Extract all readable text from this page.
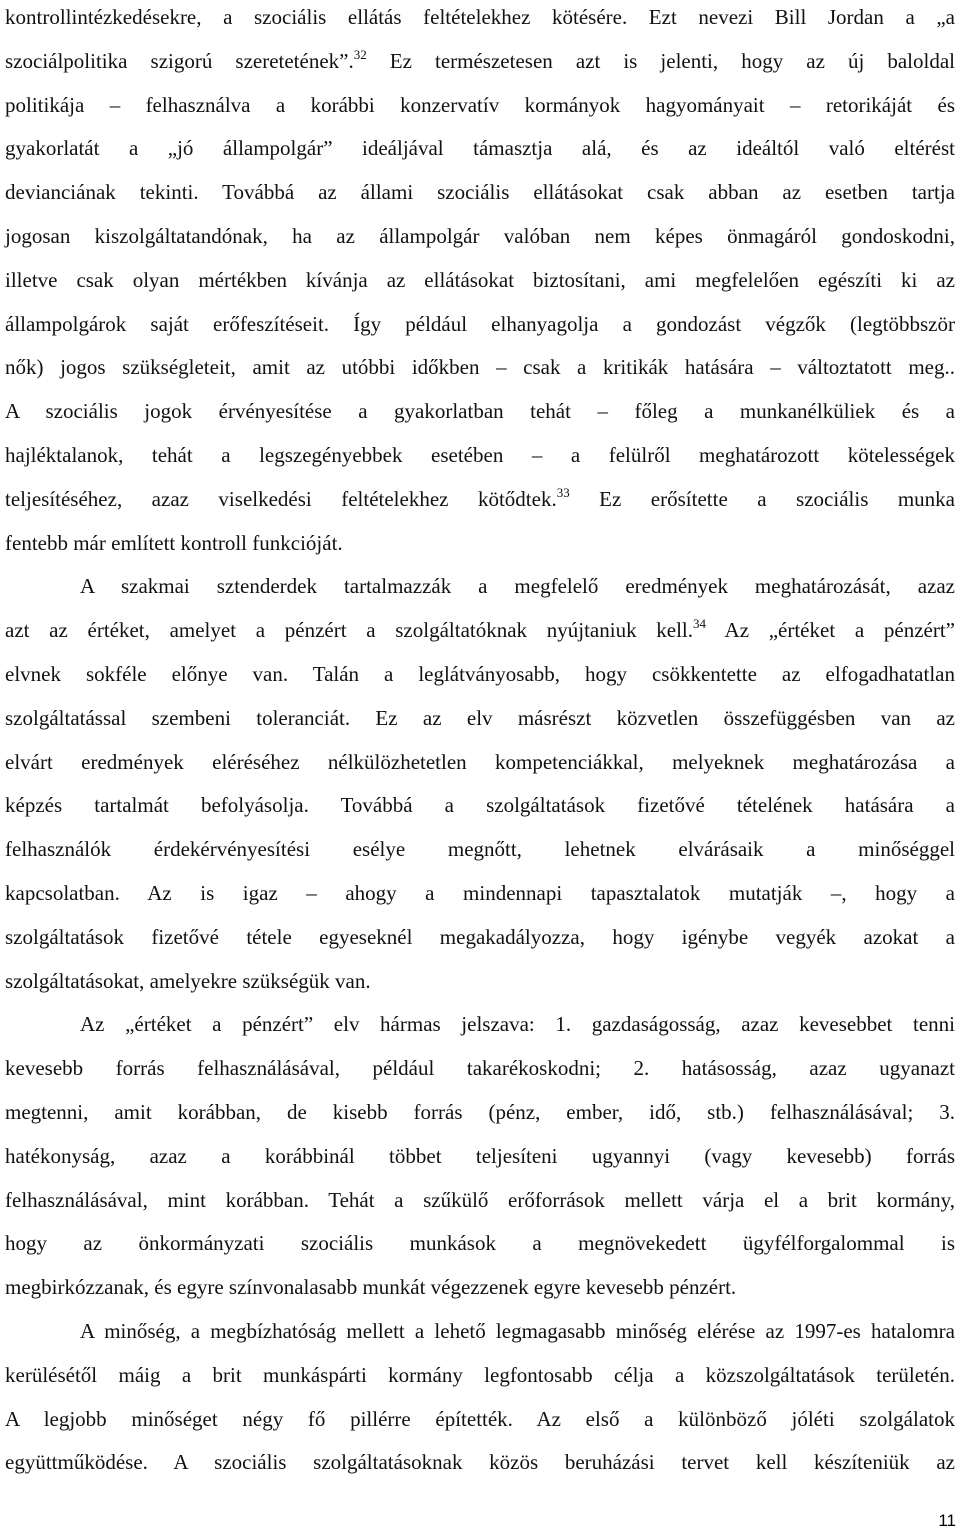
kontrollintézkedésekre, a szociális ellátás feltételekhez kötésére. Ezt nevezi Bill Jordan a „a
szociálpolitika szigorú szeretetének”.$^{32}$ Ez természetesen azt is jelenti, hogy az új baloldal
politikája – felhasználva a korábbi konzervatív kormányok hagyományait – retorikáját és
gyakorlatát a „jó állampolgár” ideáljával támasztja alá, és az ideáltól való eltérést
devianciának tekinti. Továbbá az állami szociális ellátásokat csak abban az esetben tartja
jogosan kiszolgáltatandónak, ha az állampolgár valóban nem képes önmagáról gondoskodni,
illetve csak olyan mértékben kívánja az ellátásokat biztosítani, ami megfelelően egészíti ki az
állampolgárok saját erőfeszítéseit. Így például elhanyagolja a gondozást végzők (legtöbbször
nők) jogos szükségleteit, amit az utóbbi időkben – csak a kritikák hatására – változtatott meg..
A szociális jogok érvényesítése a gyakorlatban tehát – főleg a munkanélküliek és a
hajléktalanok, tehát a legszegényebbek esetében – a felülről meghatározott kötelességek
teljesítéséhez, azaz viselkedési feltételekhez kötődtek.$^{33}$ Ez erősítette a szociális munka
fentebb már említett kontroll funkcióját.
A szakmai sztenderdek tartalmazzák a megfelelő eredmények meghatározását, azaz
azt az értéket, amelyet a pénzért a szolgáltatóknak nyújtaniuk kell.$^{34}$ Az „értéket a pénzért”
elvnek sokféle előnye van. Talán a leglátványosabb, hogy csökkentette az elfogadhatatlan
szolgáltatással szembeni toleranciát. Ez az elv másrészt közvetlen összefüggésben van az
elvárt eredmények eléréséhez nélkülözhetetlen kompetenciákkal, melyeknek meghatározása a
képzés tartalmát befolyásolja. Továbbá a szolgáltatások fizetővé tételének hatására a
felhasználók érdekérvényesítési esélye megnőtt, lehetnek elvárásaik a minőséggel
kapcsolatban. Az is igaz – ahogy a mindennapi tapasztalatok mutatják –, hogy a
szolgáltatások fizetővé tétele egyeseknél megakadályozza, hogy igénybe vegyék azokat a
szolgáltatásokat, amelyekre szükségük van.
Az „értéket a pénzért” elv hármas jelszava: 1. gazdaságosság, azaz kevesebbet tenni
kevesebb forrás felhasználásával, például takarékoskodni; 2. hatásosság, azaz ugyanazt
megtenni, amit korábban, de kisebb forrás (pénz, ember, idő, stb.) felhasználásával; 3.
hatékonyság, azaz a korábbinál többet teljesíteni ugyannyi (vagy kevesebb) forrás
felhasználásával, mint korábban. Tehát a szűkülő erőforrások mellett várja el a brit kormány,
hogy az önkormányzati szociális munkások a megnövekedett ügyfélforgalommal is
megbirkózzanak, és egyre színvonalasabb munkát végezzenek egyre kevesebb pénzért.
A minőség, a megbízhatóság mellett a lehető legmagasabb minőség elérése az 1997-es hatalomra
kerülésétől máig a brit munkáspárti kormány legfontosabb célja a közszolgáltatások területén.
A legjobb minőséget négy fő pillérre építették. Az első a különböző jóléti szolgálatok
együttműködése. A szociális szolgáltatásoknak közös beruházási tervet kell készíteniük az
11
